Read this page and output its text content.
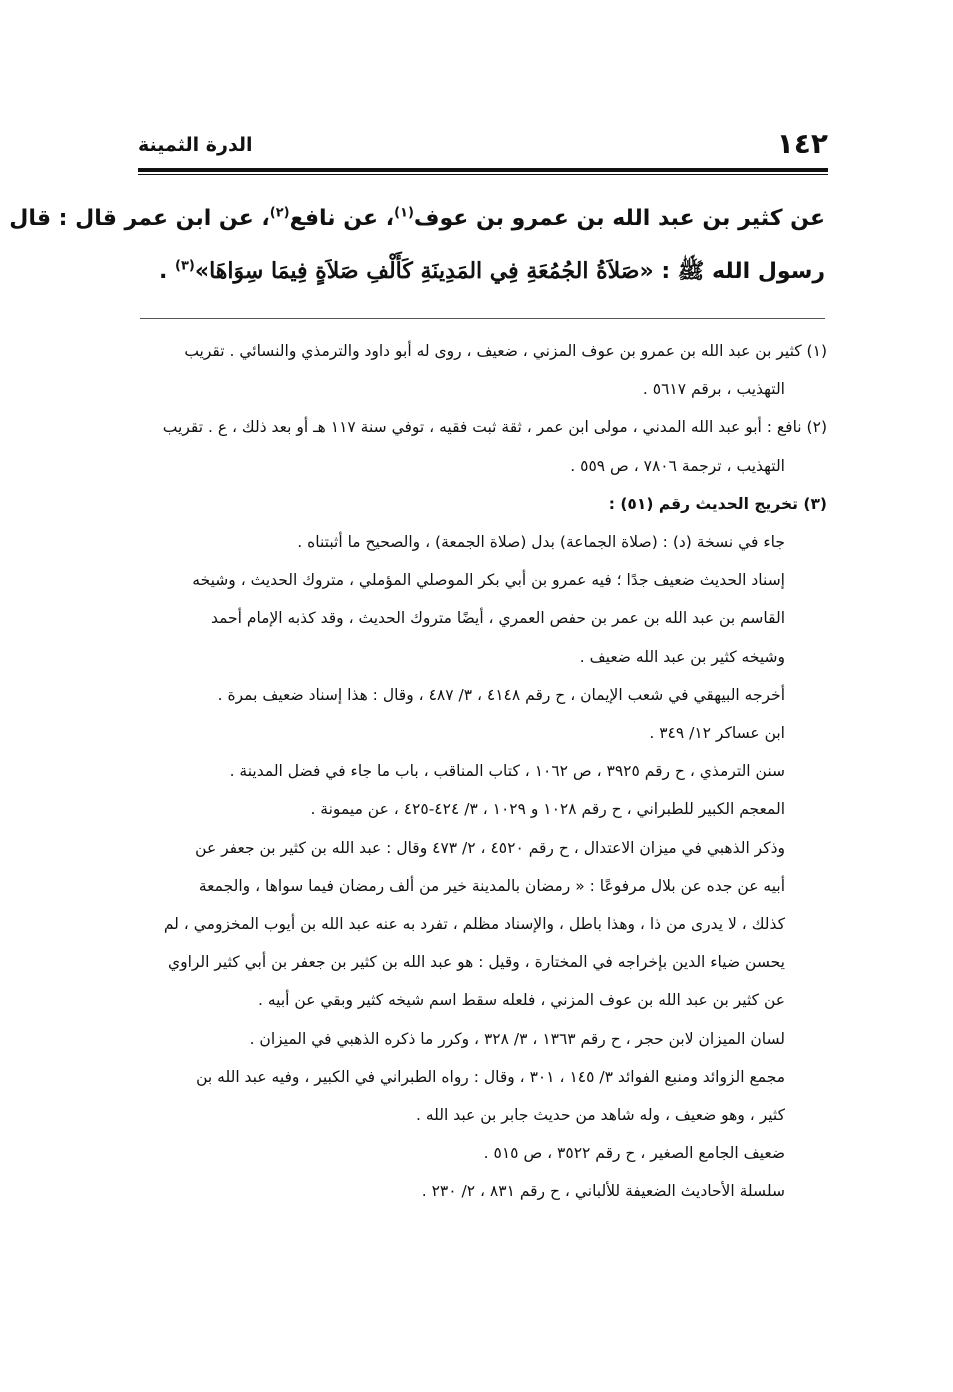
١٤٢
الدرة الثمينة
عن كثير بن عبد الله بن عمرو بن عوف$^{(١)}$، عن نافع$^{(٢)}$، عن ابن عمر قال : قال
رسول الله ﷺ : «صَلاَةُ الجُمُعَةِ فِي المَدِينَةِ كَأَلْفِ صَلاَةٍ فِيمَا سِوَاهَا»$^{(٣)}$ .
(١) كثير بن عبد الله بن عمرو بن عوف المزني ، ضعيف ، روى له أبو داود والترمذي والنسائي . تقريب
التهذيب ، برقم ٥٦١٧ .
(٢) نافع : أبو عبد الله المدني ، مولى ابن عمر ، ثقة ثبت فقيه ، توفي سنة ١١٧ هـ أو بعد ذلك ، ع . تقريب
التهذيب ، ترجمة ٧٨٠٦ ، ص ٥٥٩ .
(٣) تخريج الحديث رقم (٥١) :
جاء في نسخة (د) : (صلاة الجماعة) بدل (صلاة الجمعة) ، والصحيح ما أثبتناه .
إسناد الحديث ضعيف جدًا ؛ فيه عمرو بن أبي بكر الموصلي المؤملي ، متروك الحديث ، وشيخه
القاسم بن عبد الله بن عمر بن حفص العمري ، أيضًا متروك الحديث ، وقد كذبه الإمام أحمد
وشيخه كثير بن عبد الله ضعيف .
أخرجه البيهقي في شعب الإيمان ، ح رقم ٤١٤٨ ، ٣/ ٤٨٧ ، وقال : هذا إسناد ضعيف بمرة .
ابن عساكر ١٢/ ٣٤٩ .
سنن الترمذي ، ح رقم ٣٩٢٥ ، ص ١٠٦٢ ، كتاب المناقب ، باب ما جاء في فضل المدينة .
المعجم الكبير للطبراني ، ح رقم ١٠٢٨ و ١٠٢٩ ، ٣/ ٤٢٤-٤٢٥ ، عن ميمونة .
وذكر الذهبي في ميزان الاعتدال ، ح رقم ٤٥٢٠ ، ٢/ ٤٧٣ وقال : عبد الله بن كثير بن جعفر عن
أبيه عن جده عن بلال مرفوعًا : « رمضان بالمدينة خير من ألف رمضان فيما سواها ، والجمعة
كذلك ، لا يدرى من ذا ، وهذا باطل ، والإسناد مظلم ، تفرد به عنه عبد الله بن أيوب المخزومي ، لم
يحسن ضياء الدين بإخراجه في المختارة ، وقيل : هو عبد الله بن كثير بن جعفر بن أبي كثير الراوي
عن كثير بن عبد الله بن عوف المزني ، فلعله سقط اسم شيخه كثير وبقي عن أبيه .
لسان الميزان لابن حجر ، ح رقم ١٣٦٣ ، ٣/ ٣٢٨ ، وكرر ما ذكره الذهبي في الميزان .
مجمع الزوائد ومنبع الفوائد ٣/ ١٤٥ ، ٣٠١ ، وقال : رواه الطبراني في الكبير ، وفيه عبد الله بن
كثير ، وهو ضعيف ، وله شاهد من حديث جابر بن عبد الله .
ضعيف الجامع الصغير ، ح رقم ٣٥٢٢ ، ص ٥١٥ .
سلسلة الأحاديث الضعيفة للألباني ، ح رقم ٨٣١ ، ٢/ ٢٣٠ .
